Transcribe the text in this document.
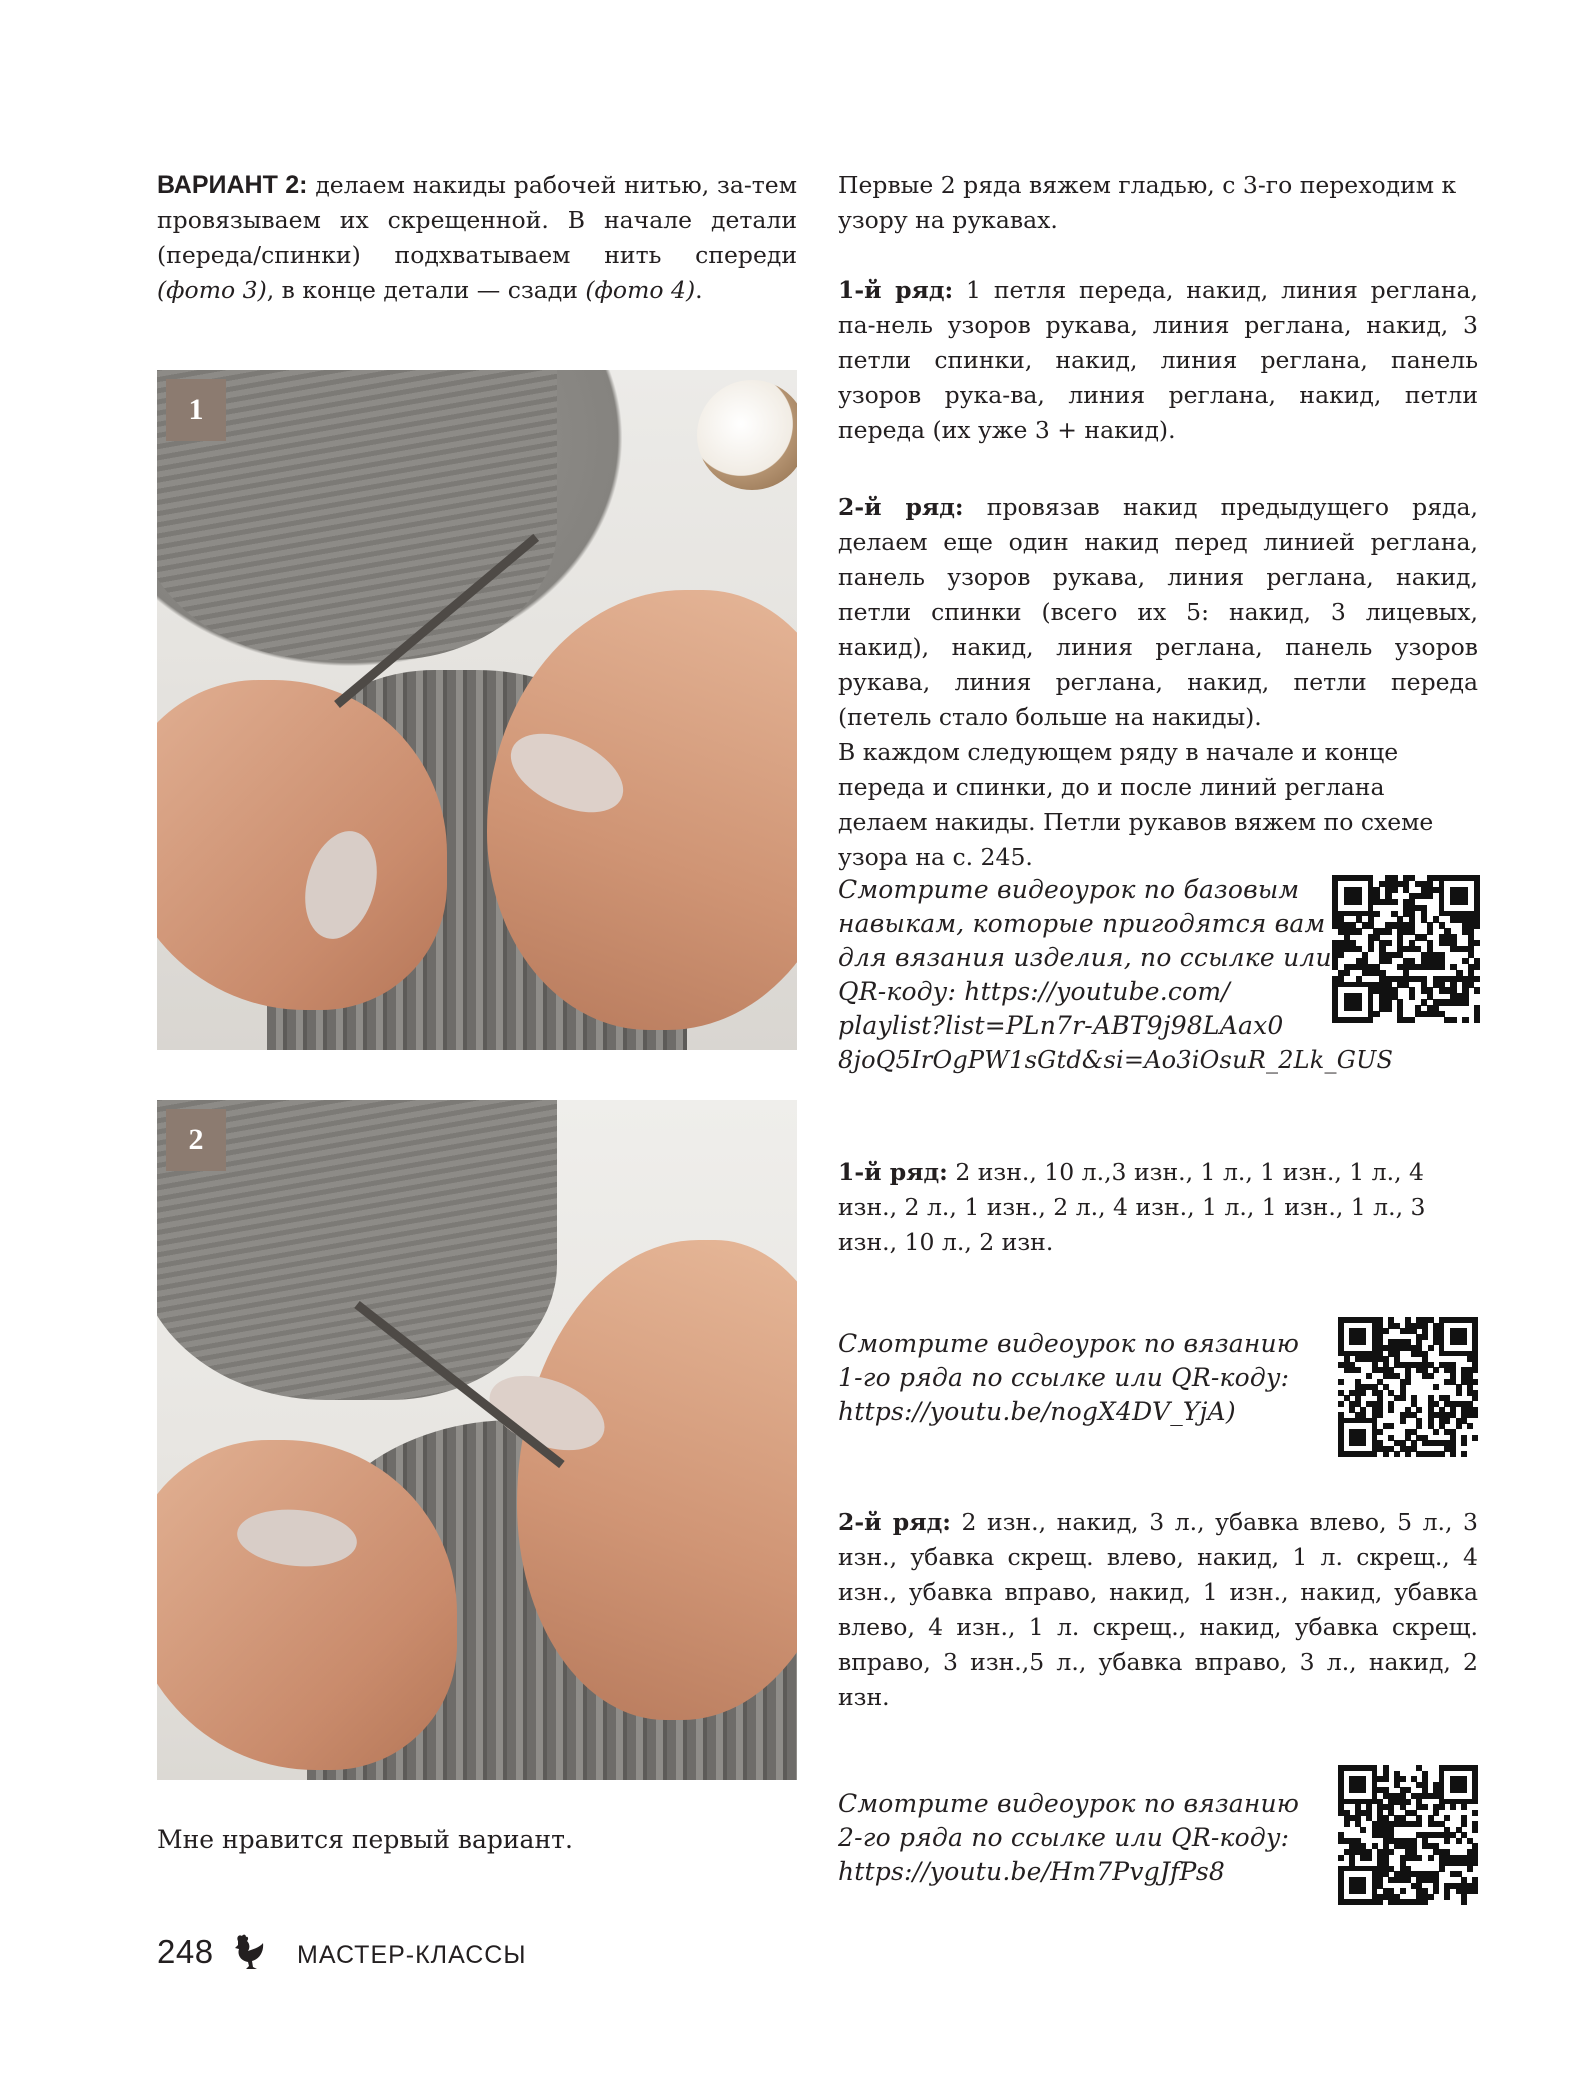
ВАРИАНТ 2: делаем накиды рабочей нитью, за-тем провязываем их скрещенной. В начале детали (переда/спинки) подхватываем нить спереди (фото 3), в конце детали — сзади (фото 4).

1
2

Мне нравится первый вариант.

Первые 2 ряда вяжем гладью, с 3-го переходим к узору на рукавах.

1-й ряд: 1 петля переда, накид, линия реглана, па-нель узоров рукава, линия реглана, накид, 3 петли спинки, накид, линия реглана, панель узоров рука-ва, линия реглана, накид, петли переда (их уже 3 + накид).

2-й ряд: провязав накид предыдущего ряда, делаем еще один накид перед линией реглана, панель узоров рукава, линия реглана, накид, петли спинки (всего их 5: накид, 3 лицевых, накид), накид, линия реглана, панель узоров рукава, линия реглана, накид, петли переда (петель стало больше на накиды).

В каждом следующем ряду в начале и конце переда и спинки, до и после линий реглана делаем накиды. Петли рукавов вяжем по схеме узора на с. 245.

Смотрите видеоурок по базовым
навыкам, которые пригодятся вам
для вязания изделия, по ссылке или
QR-коду: https://youtube.com/
playlist?list=PLn7r-ABT9j98LAax0
8joQ5IrOgPW1sGtd&si=Ao3iOsuR_2Lk_GUS

1-й ряд: 2 изн., 10 л.,3 изн., 1 л., 1 изн., 1 л., 4 изн., 2 л., 1 изн., 2 л., 4 изн., 1 л., 1 изн., 1 л., 3 изн., 10 л., 2 изн.

Смотрите видеоурок по вязанию
1-го ряда по ссылке или QR-коду:
https://youtu.be/nogX4DV_YjA)

2-й ряд: 2 изн., накид, 3 л., убавка влево, 5 л., 3 изн., убавка скрещ. влево, накид, 1 л. скрещ., 4 изн., убавка вправо, накид, 1 изн., накид, убавка влево, 4 изн., 1 л. скрещ., накид, убавка скрещ. вправо, 3 изн.,5 л., убавка вправо, 3 л., накид, 2 изн.

Смотрите видеоурок по вязанию
2-го ряда по ссылке или QR-коду:
https://youtu.be/Hm7PvgJfPs8
248	МАСТЕР-КЛАССЫ
